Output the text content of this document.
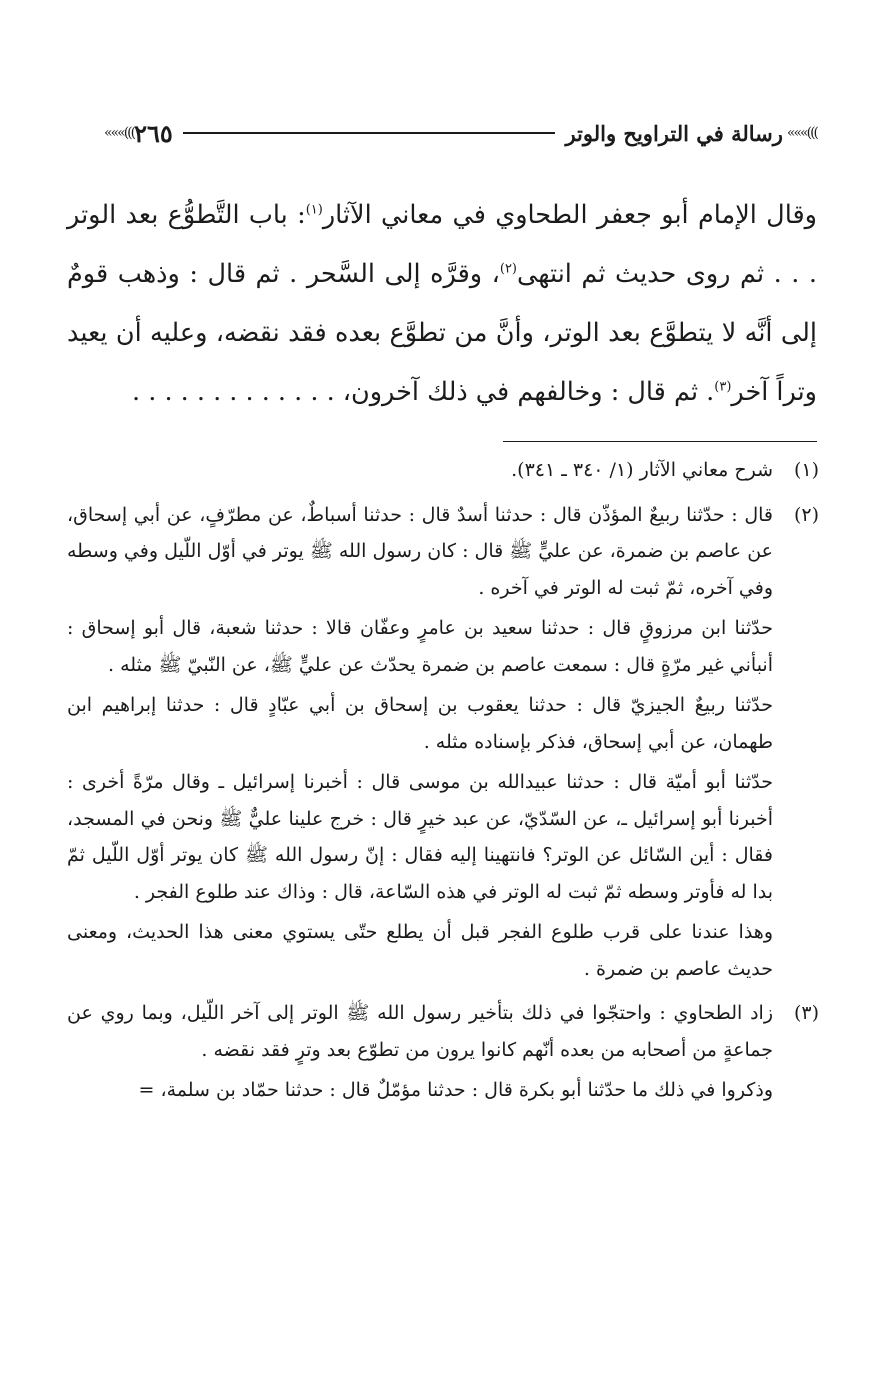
«««(((
رسالة في التراويح والوتر
٢٦٥
«««(((

وقال الإمام أبو جعفر الطحاوي في معاني الآثار$^{(١)}$: باب التَّطوُّع بعد الوتر . . . ثم روى حديث ثم انتهى$^{(٢)}$، وقرَّه إلى السَّحر . ثم قال : وذهب قومٌ إلى أنَّه لا يتطوَّع بعد الوتر، وأنَّ من تطوَّع بعده فقد نقضه، وعليه أن يعيد وتراً آخر$^{(٣)}$. ثم قال : وخالفهم في ذلك آخرون، . . . . . . . . . . . . .

(١)

شرح معاني الآثار (١/ ٣٤٠ ـ ٣٤١).

(٢)

قال : حدّثنا ربيعٌ المؤذّن قال : حدثنا أسدٌ قال : حدثنا أسباطٌ، عن مطرّفٍ، عن أبي إسحاق، عن عاصم بن ضمرة، عن عليٍّ ﷺ قال : كان رسول الله ﷺ يوتر في أوّل اللّيل وفي وسطه وفي آخره، ثمّ ثبت له الوتر في آخره .

حدّثنا ابن مرزوقٍ قال : حدثنا سعيد بن عامرٍ وعفّان قالا : حدثنا شعبة، قال أبو إسحاق : أنبأني غير مرّةٍ قال : سمعت عاصم بن ضمرة يحدّث عن عليٍّ ﷺ، عن النّبيّ ﷺ مثله .

حدّثنا ربيعٌ الجيزيّ قال : حدثنا يعقوب بن إسحاق بن أبي عبّادٍ قال : حدثنا إبراهيم ابن طهمان، عن أبي إسحاق، فذكر بإسناده مثله .

حدّثنا أبو أميّة قال : حدثنا عبيدالله بن موسى قال : أخبرنا إسرائيل ـ وقال مرّةً أخرى : أخبرنا أبو إسرائيل ـ، عن السّدّيّ، عن عبد خيرٍ قال : خرج علينا عليٌّ ﷺ ونحن في المسجد، فقال : أين السّائل عن الوتر؟ فانتهينا إليه فقال : إنّ رسول الله ﷺ كان يوتر أوّل اللّيل ثمّ بدا له فأوتر وسطه ثمّ ثبت له الوتر في هذه السّاعة، قال : وذاك عند طلوع الفجر .

وهذا عندنا على قرب طلوع الفجر قبل أن يطلع حتّى يستوي معنى هذا الحديث، ومعنى حديث عاصم بن ضمرة .

(٣)

زاد الطحاوي : واحتجّوا في ذلك بتأخير رسول الله ﷺ الوتر إلى آخر اللّيل، وبما روي عن جماعةٍ من أصحابه من بعده أنّهم كانوا يرون من تطوّع بعد وترٍ فقد نقضه .

وذكروا في ذلك ما حدّثنا أبو بكرة قال : حدثنا مؤمّلٌ قال : حدثنا حمّاد بن سلمة، =
